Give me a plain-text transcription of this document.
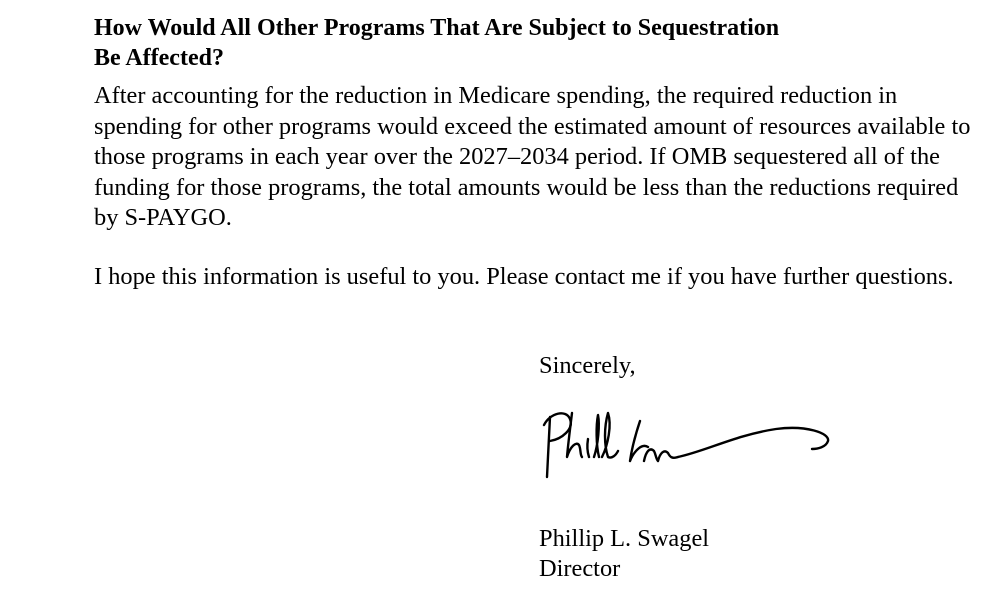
How Would All Other Programs That Are Subject to Sequestration
Be Affected?

After accounting for the reduction in Medicare spending, the required reduction in spending for other programs would exceed the estimated amount of resources available to those programs in each year over the 2027–2034 period. If OMB sequestered all of the funding for those programs, the total amounts would be less than the reductions required by S-PAYGO.

I hope this information is useful to you. Please contact me if you have further questions.

Sincerely,

Phillip L. Swagel

Director
